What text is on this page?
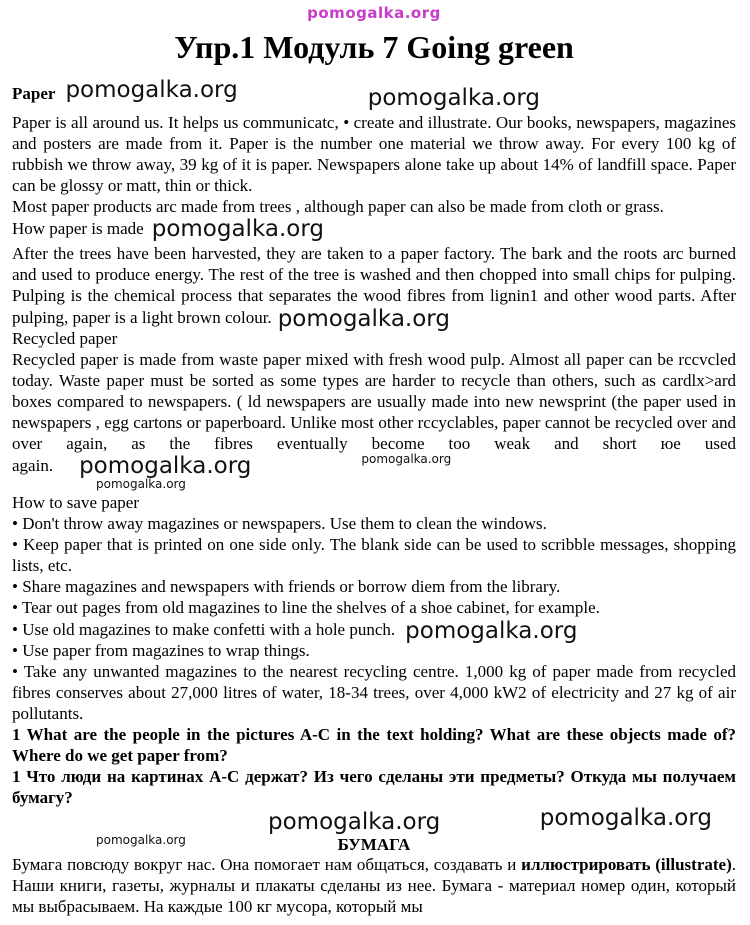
pomogalka.org
Упр.1 Модуль 7 Going green
Paper pomogalka.org	pomogalka.org

Paper is all around us. It helps us communicatc, • create and illustrate. Our books, newspapers, magazines and posters are made from it. Paper is the number one material we throw away. For every 100 kg of rubbish we throw away, 39 kg of it is paper. Newspapers alone take up about 14% of landfill space. Paper can be glossy or matt, thin or thick.

Most paper products arc made from trees , although paper can also be made from cloth or grass.

How paper is made pomogalka.org

After the trees have been harvested, they are taken to a paper factory. The bark and the roots arc burned and used to produce energy. The rest of the tree is washed and then chopped into small chips for pulping. Pulping is the chemical process that separates the wood fibres from lignin1 and other wood parts. After pulping, paper is a light brown colour. pomogalka.org

Recycled paper

Recycled paper is made from waste paper mixed with fresh wood pulp. Almost all paper can be rccvcled today. Waste paper must be sorted as some types are harder to recycle than others, such as cardlx>ard boxes compared to newspapers. ( ld newspapers are usually made into new newsprint (the paper used in newspapers , egg cartons or paperboard. Unlike most other rccyclables, paper cannot be recycled over and over again, as the fibres eventually become too weak and short юе used again. pomogalka.org	$^{pomogalka.org}$

pomogalka.org
How to save paper

• Don't throw away magazines or newspapers. Use them to clean the windows.

• Keep paper that is printed on one side only. The blank side can be used to scribble messages, shopping lists, etc.

• Share magazines and newspapers with friends or borrow diem from the library.

• Tear out pages from old magazines to line the shelves of a shoe cabinet, for example.

• Use old magazines to make confetti with a hole punch. pomogalka.org

• Use paper from magazines to wrap things.

• Take any unwanted magazines to the nearest recycling centre. 1,000 kg of paper made from recycled fibres conserves about 27,000 litres of water, 18-34 trees, over 4,000 kW2 of electricity and 27 kg of air pollutants.

1 What are the people in the pictures A-C in the text holding? What are these objects made of? Where do we get paper from?

1 Что люди на картинах А-С держат? Из чего сделаны эти предметы? Откуда мы получаем бумагу?

pomogalka.org
pomogalka.org	pomogalka.org
БУМАГА

Бумага повсюду вокруг нас. Она помогает нам общаться, создавать и иллюстрировать (illustrate). Наши книги, газеты, журналы и плакаты сделаны из нее. Бумага - материал номер один, который мы выбрасываем. На каждые 100 кг мусора, который мы
